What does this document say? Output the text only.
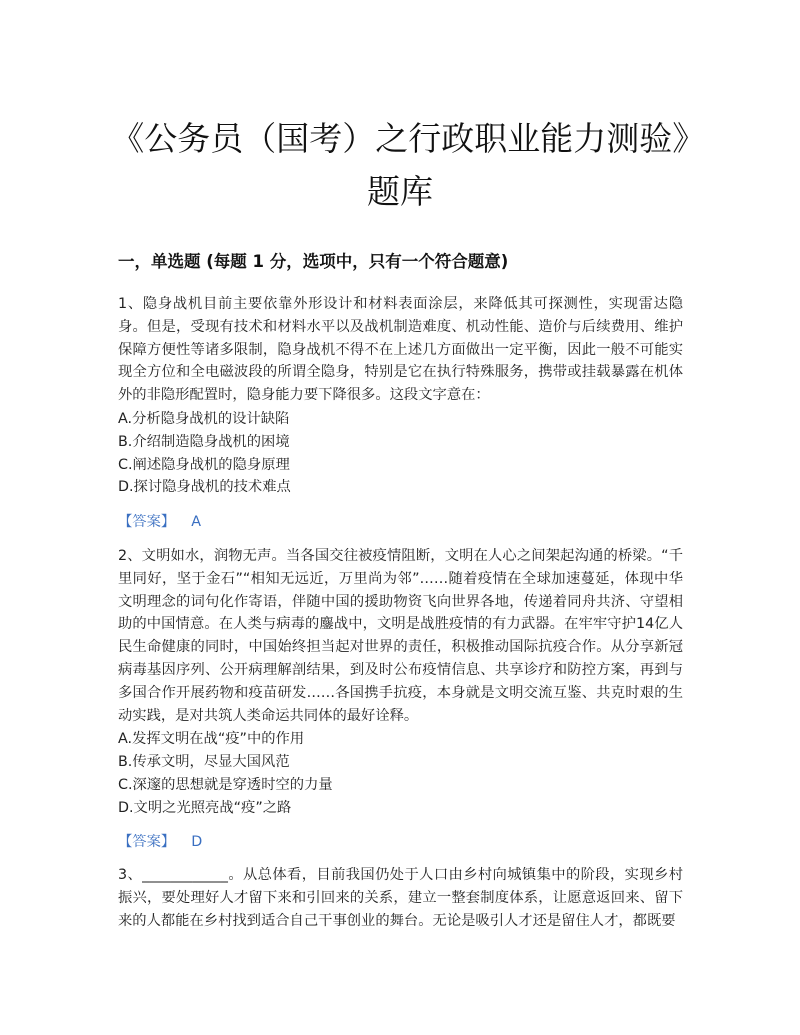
《公务员（国考）之行政职业能力测验》题库
一，单选题 (每题 1 分，选项中，只有一个符合题意)

1、隐身战机目前主要依靠外形设计和材料表面涂层，来降低其可探测性，实现雷达隐身。但是，受现有技术和材料水平以及战机制造难度、机动性能、造价与后续费用、维护保障方便性等诸多限制，隐身战机不得不在上述几方面做出一定平衡，因此一般不可能实现全方位和全电磁波段的所谓全隐身，特别是它在执行特殊服务，携带或挂载暴露在机体外的非隐形配置时，隐身能力要下降很多。这段文字意在：

A.分析隐身战机的设计缺陷

B.介绍制造隐身战机的困境

C.阐述隐身战机的隐身原理

D.探讨隐身战机的技术难点

【答案】 A

2、文明如水，润物无声。当各国交往被疫情阻断，文明在人心之间架起沟通的桥梁。“千里同好，坚于金石”“相知无远近，万里尚为邻”……随着疫情在全球加速蔓延，体现中华文明理念的词句化作寄语，伴随中国的援助物资飞向世界各地，传递着同舟共济、守望相助的中国情意。在人类与病毒的鏖战中，文明是战胜疫情的有力武器。在牢牢守护14亿人民生命健康的同时，中国始终担当起对世界的责任，积极推动国际抗疫合作。从分享新冠病毒基因序列、公开病理解剖结果，到及时公布疫情信息、共享诊疗和防控方案，再到与多国合作开展药物和疫苗研发……各国携手抗疫，本身就是文明交流互鉴、共克时艰的生动实践，是对共筑人类命运共同体的最好诠释。

A.发挥文明在战“疫”中的作用

B.传承文明，尽显大国风范

C.深邃的思想就是穿透时空的力量

D.文明之光照亮战“疫”之路

【答案】 D

3、____________。从总体看，目前我国仍处于人口由乡村向城镇集中的阶段，实现乡村振兴，要处理好人才留下来和引回来的关系，建立一整套制度体系，让愿意返回来、留下来的人都能在乡村找到适合自己干事创业的舞台。无论是吸引人才还是留住人才，都既要
